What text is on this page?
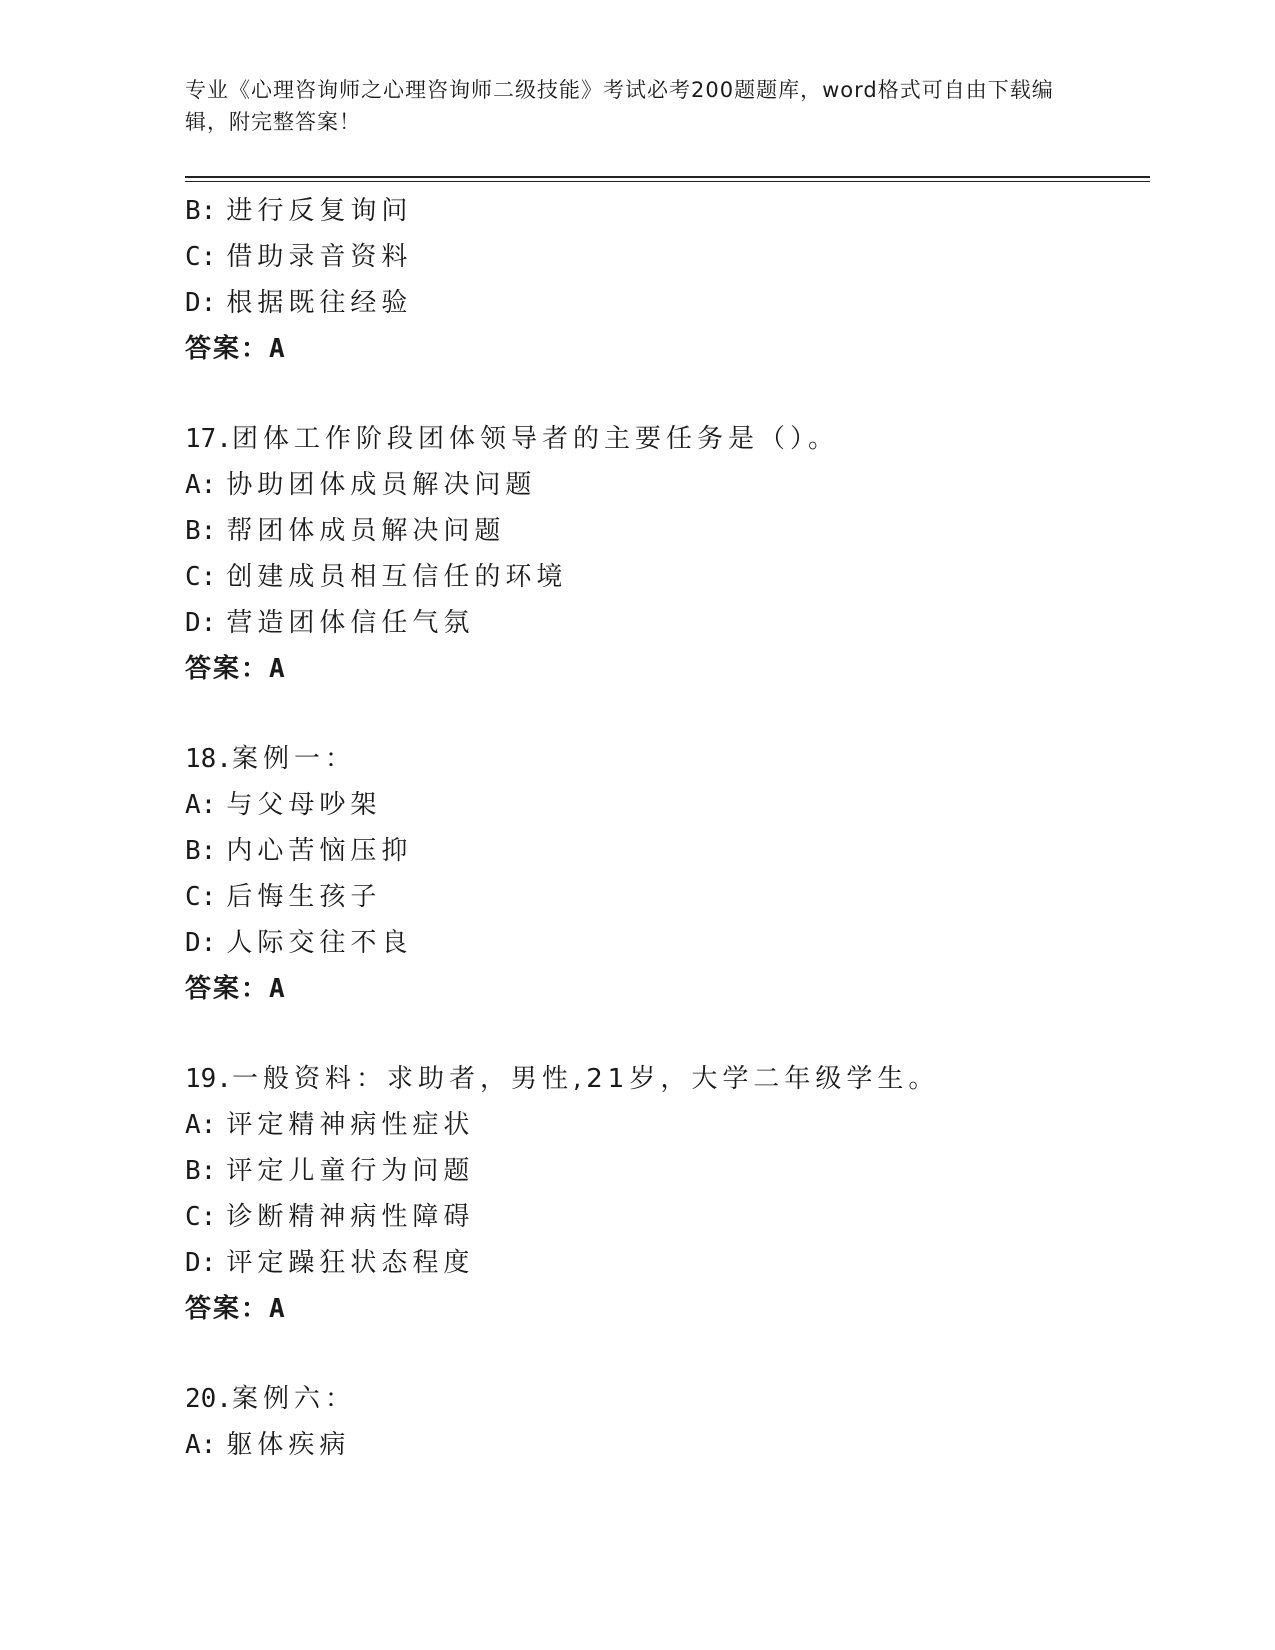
专业《心理咨询师之心理咨询师二级技能》考试必考200题题库，word格式可自由下载编辑，附完整答案！
B: 进行反复询问
C: 借助录音资料
D: 根据既往经验
答案：A
17.团体工作阶段团体领导者的主要任务是（）。
A: 协助团体成员解决问题
B: 帮团体成员解决问题
C: 创建成员相互信任的环境
D: 营造团体信任气氛
答案：A
18.案例一：
A: 与父母吵架
B: 内心苦恼压抑
C: 后悔生孩子
D: 人际交往不良
答案：A
19.一般资料：求助者，男性,21岁，大学二年级学生。
A: 评定精神病性症状
B: 评定儿童行为问题
C: 诊断精神病性障碍
D: 评定躁狂状态程度
答案：A
20.案例六：
A: 躯体疾病
